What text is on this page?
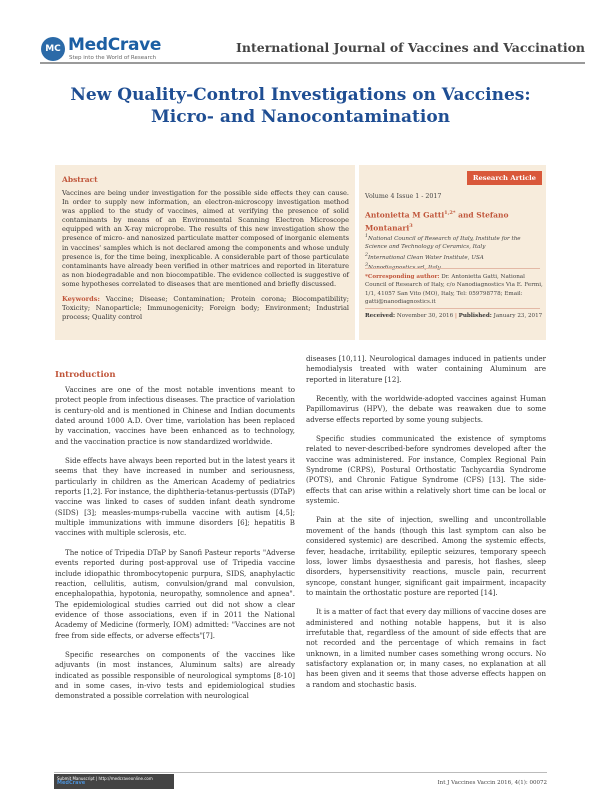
MC MedCrave
Step into the World of Research
International Journal of Vaccines and Vaccination
New Quality-Control Investigations on Vaccines: Micro- and Nanocontamination
Abstract
Vaccines are being under investigation for the possible side effects they can cause. In order to supply new information, an electron-microscopy investigation method was applied to the study of vaccines, aimed at verifying the presence of solid contaminants by means of an Environmental Scanning Electron Microscope equipped with an X-ray microprobe. The results of this new investigation show the presence of micro- and nanosized particulate matter composed of inorganic elements in vaccines' samples which is not declared among the components and whose unduly presence is, for the time being, inexplicable. A considerable part of those particulate contaminants have already been verified in other matrices and reported in literature as non biodegradable and non biocompatible. The evidence collected is suggestive of some hypotheses correlated to diseases that are mentioned and briefly discussed.
Keywords: Vaccine; Disease; Contamination; Protein corona; Biocompatibility; Toxicity; Nanoparticle; Immunogenicity; Foreign body; Environment; Industrial process; Quality control
Research Article
Volume 4 Issue 1 - 2017
Antonietta M Gatti$^{1,2*}$ and Stefano Montanari$^3$
$^1$National Council of Research of Italy, Institute for the Science and Technology of Ceramics, Italy
$^2$International Clean Water Institute, USA
$^3$
*Corresponding author: Dr. Antonietta Gatti, National Council of Research of Italy, c/o Nanodiagnostics Via E. Fermi, 1/1, 41057 San Vito (MO), Italy, Tel: 059798778; Email: gatti@nanodiagnostics.it
Received: November 30, 2016 | Published: January 23, 2017
Introduction

Vaccines are one of the most notable inventions meant to protect people from infectious diseases. The practice of variolation is century-old and is mentioned in Chinese and Indian documents dated around 1000 A.D. Over time, variolation has been replaced by vaccination, vaccines have been enhanced as to technology, and the vaccination practice is now standardized worldwide.

Side effects have always been reported but in the latest years it seems that they have increased in number and seriousness, particularly in children as the American Academy of pediatrics reports [1,2]. For instance, the diphtheria-tetanus-pertussis (DTaP) vaccine was linked to cases of sudden infant death syndrome (SIDS) [3]; measles-mumps-rubella vaccine with autism [4,5]; multiple immunizations with immune disorders [6]; hepatitis B vaccines with multiple sclerosis, etc.

The notice of Tripedia DTaP by Sanofi Pasteur reports "Adverse events reported during post-approval use of Tripedia vaccine include idiopathic thrombocytopenic purpura, SIDS, anaphylactic reaction, cellulitis, autism, convulsion/grand mal convulsion, encephalopathia, hypotonia, neuropathy, somnolence and apnea". The epidemiological studies carried out did not show a clear evidence of those associations, even if in 2011 the National Academy of Medicine (formerly, IOM) admitted: "Vaccines are not free from side effects, or adverse effects"[7].

Specific researches on components of the vaccines like adjuvants (in most instances, Aluminum salts) are already indicated as possible responsible of neurological symptoms [8-10] and in some cases, in-vivo tests and epidemiological studies demonstrated a possible correlation with neurological

diseases [10,11]. Neurological damages induced in patients under hemodialysis treated with water containing Aluminum are reported in literature [12].

Recently, with the worldwide-adopted vaccines against Human Papillomavirus (HPV), the debate was reawaken due to some adverse effects reported by some young subjects.

Specific studies communicated the existence of symptoms related to never-described-before syndromes developed after the vaccine was administered. For instance, Complex Regional Pain Syndrome (CRPS), Postural Orthostatic Tachycardia Syndrome (POTS), and Chronic Fatigue Syndrome (CFS) [13]. The side-effects that can arise within a relatively short time can be local or systemic.

Pain at the site of injection, swelling and uncontrollable movement of the hands (though this last symptom can also be considered systemic) are described. Among the systemic effects, fever, headache, irritability, epileptic seizures, temporary speech loss, lower limbs dysaesthesia and paresis, hot flashes, sleep disorders, hypersensitivity reactions, muscle pain, recurrent syncope, constant hunger, significant gait impairment, incapacity to maintain the orthostatic posture are reported [14].

It is a matter of fact that every day millions of vaccine doses are administered and nothing notable happens, but it is also irrefutable that, regardless of the amount of side effects that are not recorded and the percentage of which remains in fact unknown, in a limited number cases something wrong occurs. No satisfactory explanation or, in many cases, no explanation at all has been given and it seems that those adverse effects happen on a random and stochastic basis.

Submit Manuscript | http://medcraveonline.com
MedCrave	Int J Vaccines Vaccin 2016, 4(1): 00072
